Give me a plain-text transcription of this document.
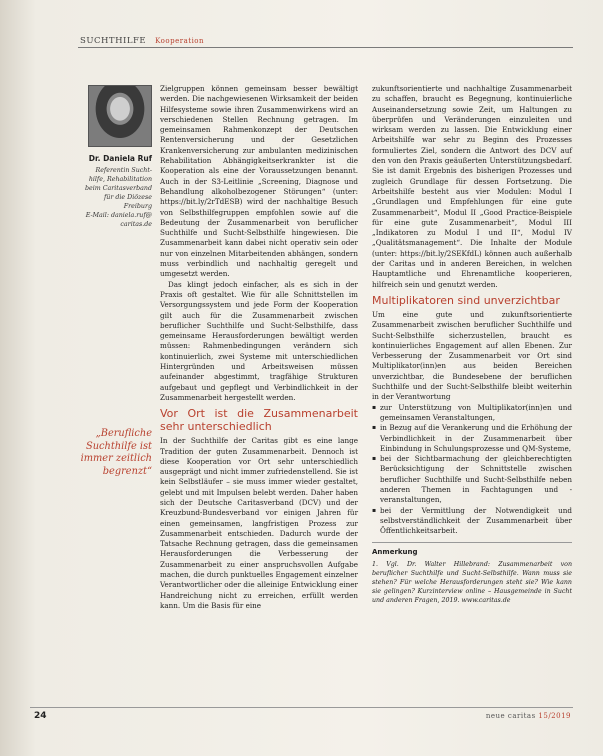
SUCHTHILFE Kooperation
Dr. Daniela Ruf
Referentin Sucht-
hilfe, Rehabilitation
beim Caritasverband
für die Diözese
Freiburg
E-Mail: daniela.ruf@
caritas.de
„Berufliche
Suchthilfe ist
immer zeitlich
begrenzt“

Zielgruppen können gemeinsam besser bewältigt werden. Die nachgewiesenen Wirksamkeit der beiden Hilfesysteme sowie ihren Zusammenwirkens wird an verschiedenen Stellen Rechnung getragen. Im gemeinsamen Rahmenkonzept der Deutschen Rentenversicherung und der Gesetzlichen Krankenversicherung zur ambulanten medizinischen Rehabilitation Abhängigkeitserkrankter ist die Kooperation als eine der Voraussetzungen benannt. Auch in der S3-Leitlinie „Screening, Diagnose und Behandlung alkoholbezogener Störungen“ (unter: https://bit.ly/2rTdESB) wird der nachhaltige Besuch von Selbsthilfegruppen empfohlen sowie auf die Bedeutung der Zusammenarbeit von beruflicher Suchthilfe und Sucht-Selbsthilfe hingewiesen. Die Zusammenarbeit kann dabei nicht operativ sein oder nur von einzelnen Mitarbeitenden abhängen, sondern muss verbindlich und nachhaltig geregelt und umgesetzt werden.

Das klingt jedoch einfacher, als es sich in der Praxis oft gestaltet. Wie für alle Schnittstellen im Versorgungssystem und jede Form der Kooperation gilt auch für die Zusammenarbeit zwischen beruflicher Suchthilfe und Sucht-Selbsthilfe, dass gemeinsame Herausforderungen bewältigt werden müssen: Rahmenbedingungen verändern sich kontinuierlich, zwei Systeme mit unterschiedlichen Hintergründen und Arbeitsweisen müssen aufeinander abgestimmt, tragfähige Strukturen aufgebaut und gepflegt und Verbindlichkeit in der Zusammenarbeit hergestellt werden.

Vor Ort ist die Zusammenarbeit sehr unterschiedlich

In der Suchthilfe der Caritas gibt es eine lange Tradition der guten Zusammenarbeit. Dennoch ist diese Kooperation vor Ort sehr unterschiedlich ausgeprägt und nicht immer zufriedenstellend. Sie ist kein Selbstläufer – sie muss immer wieder gestaltet, gelebt und mit Impulsen belebt werden. Daher haben sich der Deutsche Caritasverband (DCV) und der Kreuzbund-Bundesverband vor einigen Jahren für einen gemeinsamen, langfristigen Prozess zur Zusammenarbeit entschieden. Dadurch wurde der Tatsache Rechnung getragen, dass die gemeinsamen Herausforderungen die Verbesserung der Zusammenarbeit zu einer anspruchsvollen Aufgabe machen, die durch punktuelles Engagement einzelner Verantwortlicher oder die alleinige Entwicklung einer Handreichung nicht zu erreichen, erfüllt werden kann. Um die Basis für eine

zukunftsorientierte und nachhaltige Zusammenarbeit zu schaffen, braucht es Begegnung, kontinuierliche Auseinandersetzung sowie Zeit, um Haltungen zu überprüfen und Veränderungen einzuleiten und wirksam werden zu lassen. Die Entwicklung einer Arbeitshilfe war sehr zu Beginn des Prozesses formuliertes Ziel, sondern die Antwort des DCV auf den von den Praxis geäußerten Unterstützungsbedarf. Sie ist damit Ergebnis des bisherigen Prozesses und zugleich Grundlage für dessen Fortsetzung. Die Arbeitshilfe besteht aus vier Modulen: Modul I „Grundlagen und Empfehlungen für eine gute Zusammenarbeit“, Modul II „Good Practice-Beispiele für eine gute Zusammenarbeit“, Modul III „Indikatoren zu Modul I und II“, Modul IV „Qualitätsmanagement“. Die Inhalte der Module (unter: https://bit.ly/2SEKfdL) können auch außerhalb der Caritas und in anderen Bereichen, in welchen Hauptamtliche und Ehrenamtliche kooperieren, hilfreich sein und genutzt werden.

Multiplikatoren sind unverzichtbar

Um eine gute und zukunftsorientierte Zusammenarbeit zwischen beruflicher Suchthilfe und Sucht-Selbsthilfe sicherzustellen, braucht es kontinuierliches Engagement auf allen Ebenen. Zur Verbesserung der Zusammenarbeit vor Ort sind Multiplikator(inn)en aus beiden Bereichen unverzichtbar, die Bundesebene der beruflichen Suchthilfe und der Sucht-Selbsthilfe bleibt weiterhin in der Verantwortung

▪ zur Unterstützung von Multiplikator(inn)en und gemeinsamen Veranstaltungen,
▪ in Bezug auf die Verankerung und die Erhöhung der Verbindlichkeit in der Zusammenarbeit über Einbindung in Schulungsprozesse und QM-Systeme,
▪ bei der Sichtbarmachung der gleichberechtigten Berücksichtigung der Schnittstelle zwischen beruflicher Suchthilfe und Sucht-Selbsthilfe neben anderen Themen in Fachtagungen und -veranstaltungen,
▪ bei der Vermittlung der Notwendigkeit und selbstverständlichkeit der Zusammenarbeit über Öffentlichkeitsarbeit.
Anmerkung
1. Vgl. Dr. Walter Hillebrand: Zusammenarbeit von beruflicher Suchthilfe und Sucht-Selbsthilfe. Wann muss sie stehen? Für welche Herausforderungen steht sie? Wie kann sie gelingen? Kurzinterview online – Hausgemeinde in Sucht und anderen Fragen, 2019. www.caritas.de
24	neue caritas 15/2019
